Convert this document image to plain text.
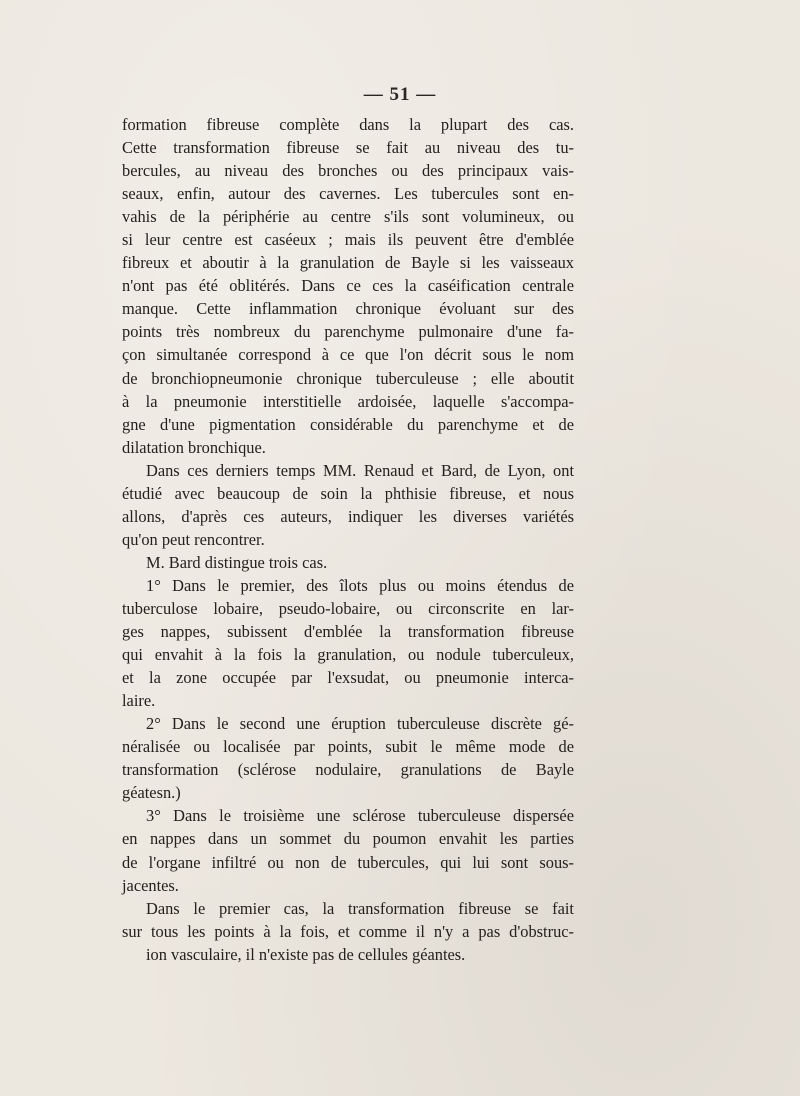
— 51 —
formation fibreuse complète dans la plupart des cas.
Cette transformation fibreuse se fait au niveau des tu-
bercules, au niveau des bronches ou des principaux vais-
seaux, enfin, autour des cavernes. Les tubercules sont en-
vahis de la périphérie au centre s'ils sont volumineux, ou
si leur centre est caséeux ; mais ils peuvent être d'emblée
fibreux et aboutir à la granulation de Bayle si les vaisseaux
n'ont pas été oblitérés. Dans ce ces la caséification centrale
manque. Cette inflammation chronique évoluant sur des
points très nombreux du parenchyme pulmonaire d'une fa-
çon simultanée correspond à ce que l'on décrit sous le nom
de bronchiopneumonie chronique tuberculeuse ; elle aboutit
à la pneumonie interstitielle ardoisée, laquelle s'accompa-
gne d'une pigmentation considérable du parenchyme et de
dilatation bronchique.
Dans ces derniers temps MM. Renaud et Bard, de Lyon, ont
étudié avec beaucoup de soin la phthisie fibreuse, et nous
allons, d'après ces auteurs, indiquer les diverses variétés
qu'on peut rencontrer.
M. Bard distingue trois cas.
1° Dans le premier, des îlots plus ou moins étendus de
tuberculose lobaire, pseudo-lobaire, ou circonscrite en lar-
ges nappes, subissent d'emblée la transformation fibreuse
qui envahit à la fois la granulation, ou nodule tuberculeux,
et la zone occupée par l'exsudat, ou pneumonie interca-
laire.
2° Dans le second une éruption tuberculeuse discrète gé-
néralisée ou localisée par points, subit le même mode de
transformation (sclérose nodulaire, granulations de Bayle
géatesn.)
3° Dans le troisième une sclérose tuberculeuse dispersée
en nappes dans un sommet du poumon envahit les parties
de l'organe infiltré ou non de tubercules, qui lui sont sous-
jacentes.
Dans le premier cas, la transformation fibreuse se fait
sur tous les points à la fois, et comme il n'y a pas d'obstruc-
ion vasculaire, il n'existe pas de cellules géantes.
